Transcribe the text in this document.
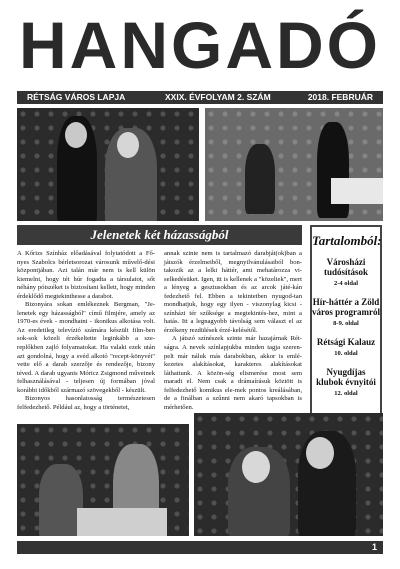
HANGADÓ
RÉTSÁG VÁROS LAPJA	XXIX. ÉVFOLYAM 2. SZÁM	2018. FEBRUÁR
Jelenetek két házasságból

A Kőrizs Színház előadásával folytatódott a Fő-nyes Szabolcs bérletsorozat városunk művelő-dési központjában. Azt talán már nem is kell külön kiemelni, hogy tét húr fogadta a társulatot, sőt néhány pótszéket is biztosítani kellett, hogy minden érdeklődő megtekinthesse a darabot.

Bizonyára sokan emlékeznek Bergman, "Je-lenetek egy házasságból" című filmjére, amely az 1970-es évek - mondhatni - ikonikus alkotása volt. Az eredetileg televízió számára készült film-ben sok-sok közeli érzékeltette leginkább a sze-replőkben zajló folyamatokat. Ha valaki ezek után azt gondolná, hogy a svéd alkotó "recept-könyvét" vette elő a darab szerzője és rendezője, bizony téved. A darab ugyanis Móricz Zsigmond műveinek felhasználásával - teljesen új formában jóval korábbi időkből származó szövegekből - készült.

Bizonyos hasonlatosság természetesen felfedezhető. Például az, hogy a történetet,

annak szinte nem is tartalmazó darabját(ok)ban a játszók érzelmeiből, megnyilvánulásaiból bon-takozik az a lelki háttér, ami mehatározza vi-selkedésüket. Igen, itt is kellenek a "közeliek", mert a lényeg a gesztusokban és az arcok játé-kán fedezhető fel. Ebben a tekintetben nyugod-tan mondhatjuk, hogy egy ilyen - viszonylag kicsi - színházi tér szűksége a megtekintés-hez, mint a hatás. Itt a legnagyobb távolság sem választ el az érzékeny rezdülések érzé-kelésétől.

A játszó színészek szinte már hazajárnak Rét-ságra. A nevek színlapjukba minden tagja szeren-pelt már náluk más darabokban, akkor is emlé-kezetes alakításokat, karakteres alakításokat láthattunk. A közön-ség elismerése most sem maradt el. Nem csak a drámaírásuk köztött is felfedezhető komikus ele-mek pontos kreálásában, de a finálban a szűnni nem akaró tapsokban is mérhetően.

Tartalomból:
Városházi tudósítások
2-4 oldal
Hír-háttér a Zöld város programról
8-9. oldal
Rétsági Kalauz
10. oldal
Nyugdíjas klubok évnyitói
12. oldal
1
